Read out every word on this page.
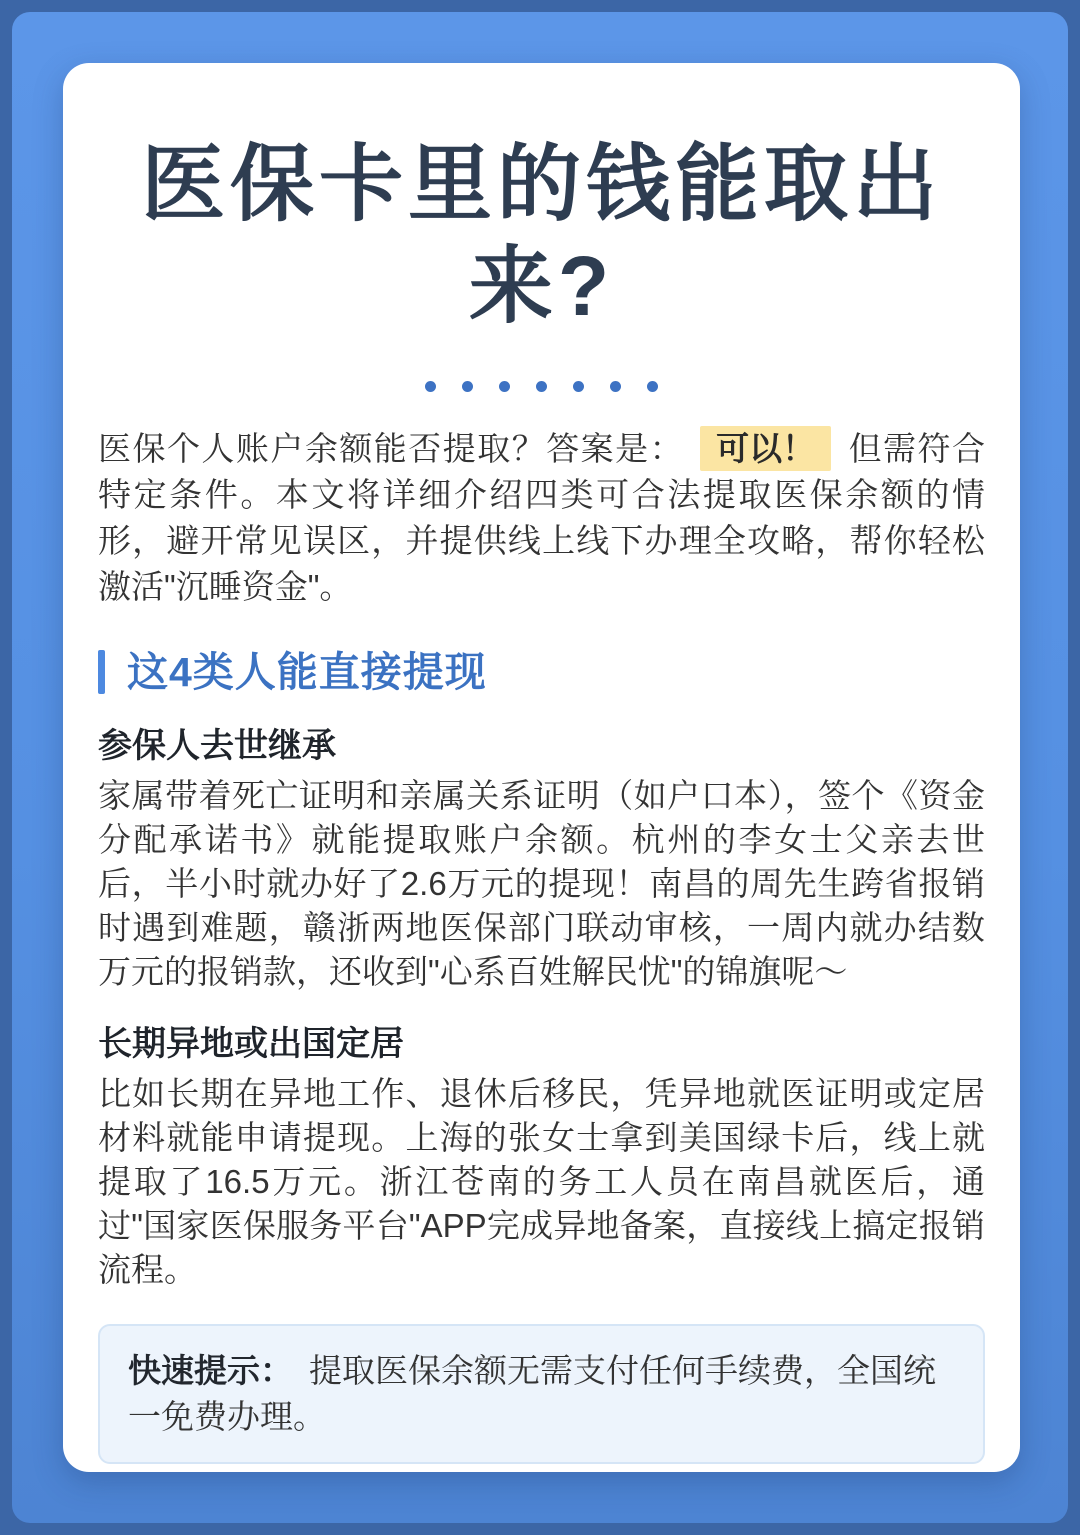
医保卡里的钱能取出来?

医保个人账户余额能否提取？答案是： 可以！ 但需符合特定条件。本文将详细介绍四类可合法提取医保余额的情形，避开常见误区，并提供线上线下办理全攻略，帮你轻松激活"沉睡资金"。

这4类人能直接提现
参保人去世继承

家属带着死亡证明和亲属关系证明（如户口本），签个《资金分配承诺书》就能提取账户余额。杭州的李女士父亲去世后，半小时就办好了2.6万元的提现！南昌的周先生跨省报销时遇到难题，赣浙两地医保部门联动审核，一周内就办结数万元的报销款，还收到"心系百姓解民忧"的锦旗呢～

长期异地或出国定居

比如长期在异地工作、退休后移民，凭异地就医证明或定居材料就能申请提现。上海的张女士拿到美国绿卡后，线上就提取了16.5万元。浙江苍南的务工人员在南昌就医后，通过"国家医保服务平台"APP完成异地备案，直接线上搞定报销流程。

快速提示： 提取医保余额无需支付任何手续费，全国统一免费办理。
